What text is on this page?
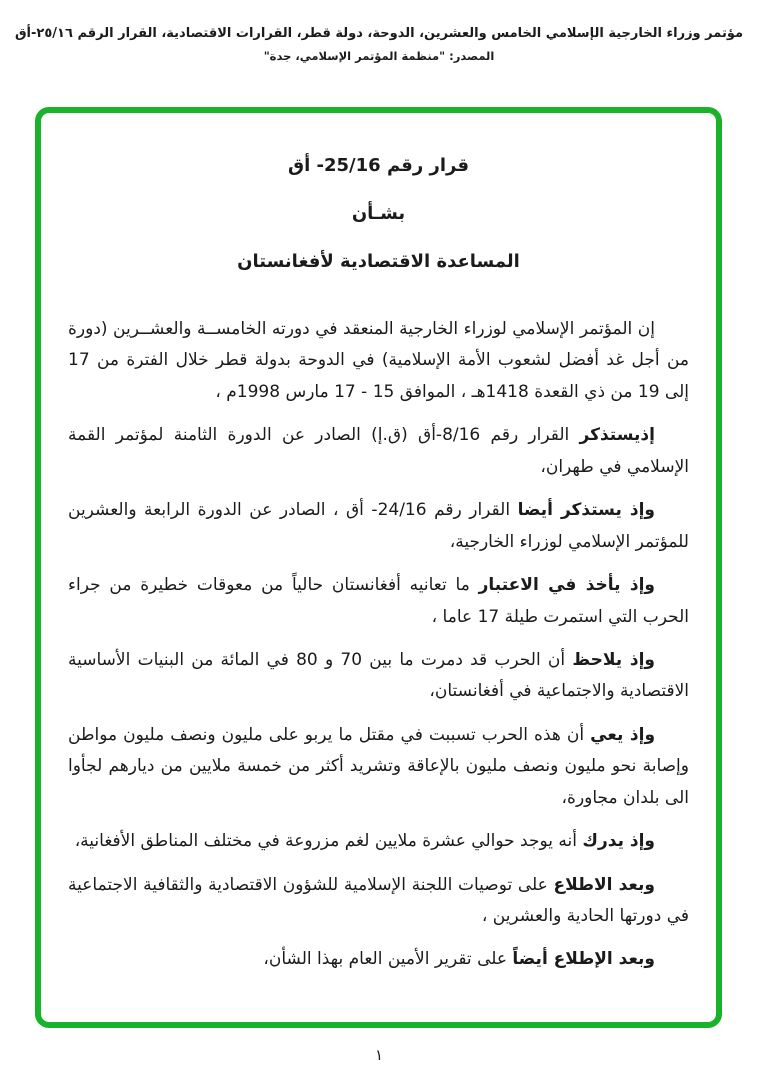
مؤتمر وزراء الخارجية الإسلامي الخامس والعشرين، الدوحة، دولة قطر، القرارات الاقتصادية، القرار الرقم ٢٥/١٦-أق
المصدر: "منظمة المؤتمر الإسلامي، جدة"
قرار رقم 25/16- أق
بشـأن
المساعدة الاقتصادية لأفغانستان

إن المؤتمر الإسلامي لوزراء الخارجية المنعقد في دورته الخامســة والعشــرين (دورة من أجل غد أفضل لشعوب الأمة الإسلامية) في الدوحة بدولة قطر خلال الفترة من 17 إلى 19 من ذي القعدة 1418هـ ، الموافق 15 - 17 مارس 1998م ،

إذيستذكر القرار رقم 8/16-أق (ق.إ) الصادر عن الدورة الثامنة لمؤتمر القمة الإسلامي في طهران،

وإذ يستذكر أيضا القرار رقم 24/16- أق ، الصادر عن الدورة الرابعة والعشرين للمؤتمر الإسلامي لوزراء الخارجية،

وإذ يأخذ في الاعتبار ما تعانيه أفغانستان حالياً من معوقات خطيرة من جراء الحرب التي استمرت طيلة 17 عاما ،

وإذ يلاحظ أن الحرب قد دمرت ما بين 70 و 80 في المائة من البنيات الأساسية الاقتصادية والاجتماعية في أفغانستان،

وإذ يعي أن هذه الحرب تسببت في مقتل ما يربو على مليون ونصف مليون مواطن وإصابة نحو مليون ونصف مليون بالإعاقة وتشريد أكثر من خمسة ملايين من ديارهم لجأوا الى بلدان مجاورة،

وإذ يدرك أنه يوجد حوالي عشرة ملايين لغم مزروعة في مختلف المناطق الأفغانية،

وبعد الاطلاع على توصيات اللجنة الإسلامية للشؤون الاقتصادية والثقافية الاجتماعية في دورتها الحادية والعشرين ،

وبعد الإطلاع أيضاً على تقرير الأمين العام بهذا الشأن،

١
